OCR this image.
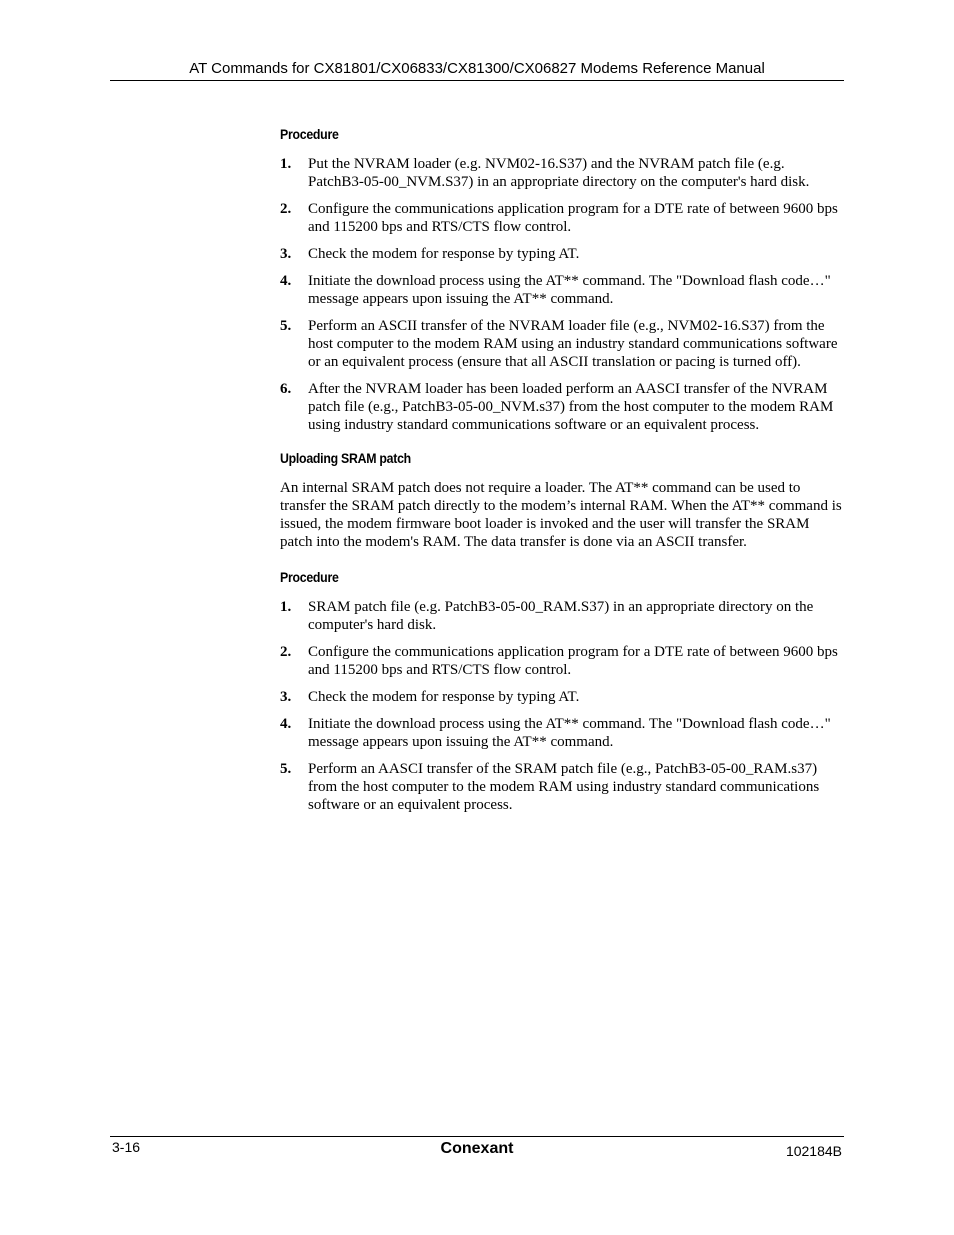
AT Commands for CX81801/CX06833/CX81300/CX06827 Modems Reference Manual
Procedure
1.	Put the NVRAM loader (e.g. NVM02-16.S37) and the NVRAM patch file (e.g. PatchB3-05-00_NVM.S37) in an appropriate directory on the computer's hard disk.
2.	Configure the communications application program for a DTE rate of between 9600 bps and 115200 bps and RTS/CTS flow control.
3.	Check the modem for response by typing AT.
4.	Initiate the download process using the AT** command. The "Download flash code…" message appears upon issuing the AT** command.
5.	Perform an ASCII transfer of the NVRAM loader file (e.g., NVM02-16.S37) from the host computer to the modem RAM using an industry standard communications software or an equivalent process (ensure that all ASCII translation or pacing is turned off).
6.	After the NVRAM loader has been loaded perform an AASCI transfer of the NVRAM patch file (e.g., PatchB3-05-00_NVM.s37) from the host computer to the modem RAM using industry standard communications software or an equivalent process.
Uploading SRAM patch

An internal SRAM patch does not require a loader. The AT** command can be used to transfer the SRAM patch directly to the modem’s internal RAM. When the AT** command is issued, the modem firmware boot loader is invoked and the user will transfer the SRAM patch into the modem's RAM. The data transfer is done via an ASCII transfer.

Procedure
1.	SRAM patch file (e.g. PatchB3-05-00_RAM.S37) in an appropriate directory on the computer's hard disk.
2.	Configure the communications application program for a DTE rate of between 9600 bps and 115200 bps and RTS/CTS flow control.
3.	Check the modem for response by typing AT.
4.	Initiate the download process using the AT** command. The "Download flash code…" message appears upon issuing the AT** command.
5.	Perform an AASCI transfer of the SRAM patch file (e.g., PatchB3-05-00_RAM.s37) from the host computer to the modem RAM using industry standard communications software or an equivalent process.
3-16	Conexant	102184B
